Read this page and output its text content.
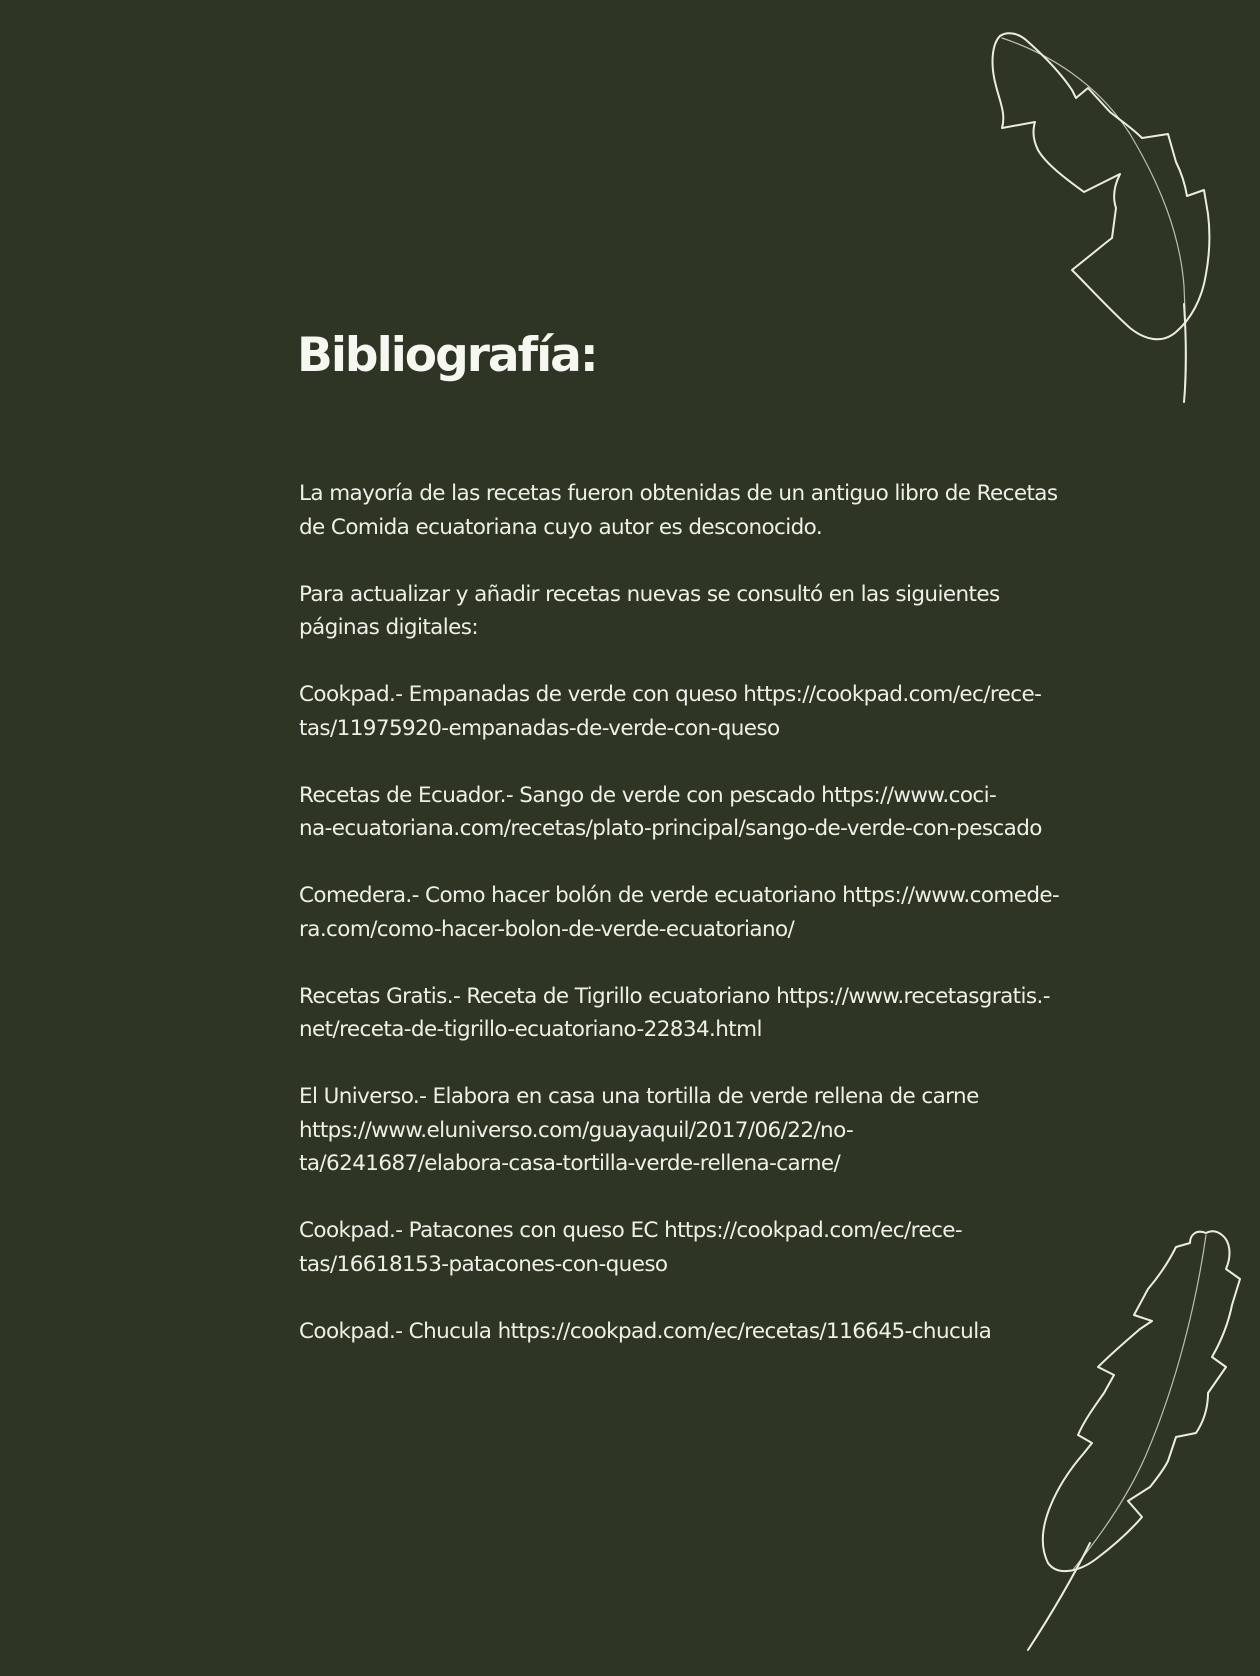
Bibliografía:

La mayoría de las recetas fueron obtenidas de un antiguo libro de Recetas
de Comida ecuatoriana cuyo autor es desconocido.

Para actualizar y añadir recetas nuevas se consultó en las siguientes
páginas digitales:

Cookpad.- Empanadas de verde con queso https://cookpad.com/ec/rece-
tas/11975920-empanadas-de-verde-con-queso

Recetas de Ecuador.- Sango de verde con pescado https://www.coci-
na-ecuatoriana.com/recetas/plato-principal/sango-de-verde-con-pescado

Comedera.- Como hacer bolón de verde ecuatoriano https://www.comede-
ra.com/como-hacer-bolon-de-verde-ecuatoriano/

Recetas Gratis.- Receta de Tigrillo ecuatoriano https://www.recetasgratis.-
net/receta-de-tigrillo-ecuatoriano-22834.html

El Universo.- Elabora en casa una tortilla de verde rellena de carne
https://www.eluniverso.com/guayaquil/2017/06/22/no-
ta/6241687/elabora-casa-tortilla-verde-rellena-carne/

Cookpad.- Patacones con queso EC https://cookpad.com/ec/rece-
tas/16618153-patacones-con-queso

Cookpad.- Chucula https://cookpad.com/ec/recetas/116645-chucula
